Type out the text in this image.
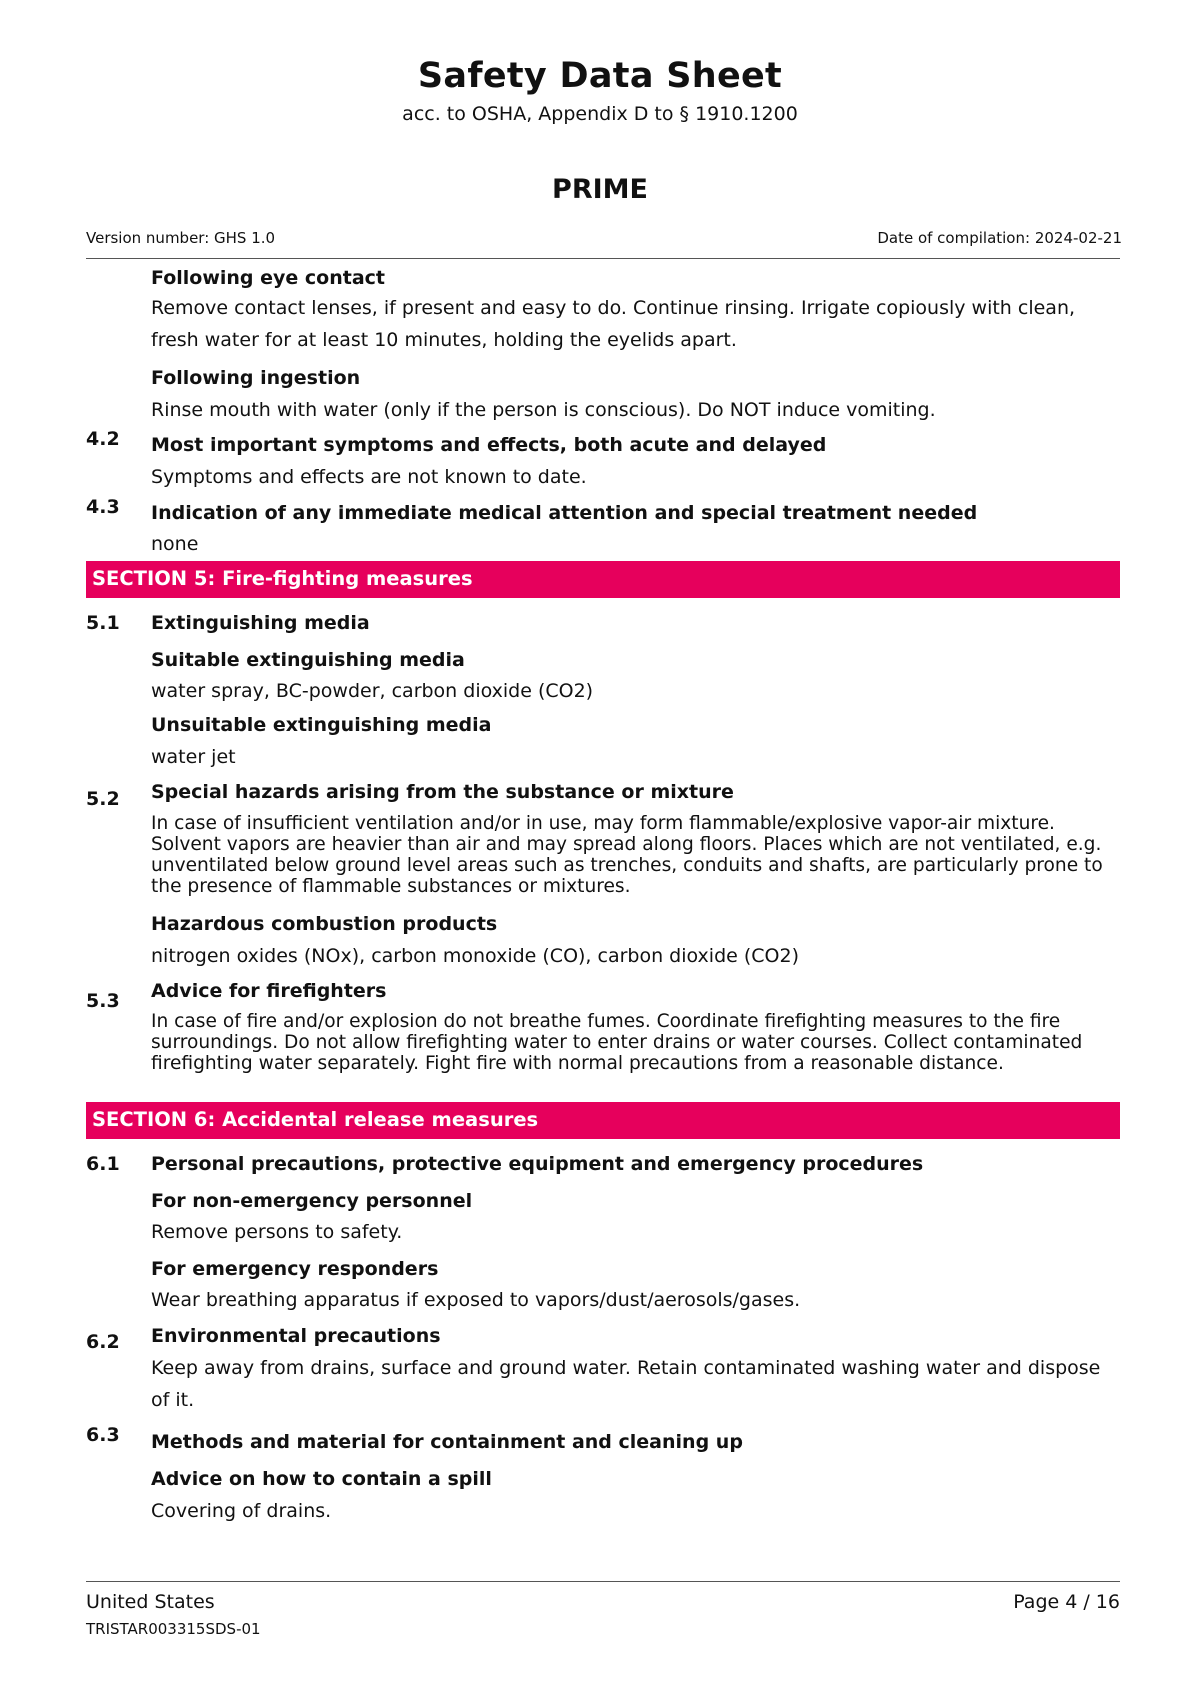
Safety Data Sheet
acc. to OSHA, Appendix D to § 1910.1200
PRIME
Version number: GHS 1.0	Date of compilation: 2024-02-21
Following eye contact
Remove contact lenses, if present and easy to do. Continue rinsing. Irrigate copiously with clean,
fresh water for at least 10 minutes, holding the eyelids apart.
Following ingestion
Rinse mouth with water (only if the person is conscious). Do NOT induce vomiting.
4.2 Most important symptoms and effects, both acute and delayed
Symptoms and effects are not known to date.
4.3 Indication of any immediate medical attention and special treatment needed
none
SECTION 5: Fire-fighting measures
5.1 Extinguishing media
Suitable extinguishing media
water spray, BC-powder, carbon dioxide (CO2)
Unsuitable extinguishing media
water jet
5.2 Special hazards arising from the substance or mixture
In case of insufficient ventilation and/or in use, may form flammable/explosive vapor-air mixture.
Solvent vapors are heavier than air and may spread along floors. Places which are not ventilated, e.g.
unventilated below ground level areas such as trenches, conduits and shafts, are particularly prone to
the presence of flammable substances or mixtures.
Hazardous combustion products
nitrogen oxides (NOx), carbon monoxide (CO), carbon dioxide (CO2)
5.3 Advice for firefighters
In case of fire and/or explosion do not breathe fumes. Coordinate firefighting measures to the fire
surroundings. Do not allow firefighting water to enter drains or water courses. Collect contaminated
firefighting water separately. Fight fire with normal precautions from a reasonable distance.
SECTION 6: Accidental release measures
6.1 Personal precautions, protective equipment and emergency procedures
For non-emergency personnel
Remove persons to safety.
For emergency responders
Wear breathing apparatus if exposed to vapors/dust/aerosols/gases.
6.2 Environmental precautions
Keep away from drains, surface and ground water. Retain contaminated washing water and dispose
of it.
6.3 Methods and material for containment and cleaning up
Advice on how to contain a spill
Covering of drains.
United States	Page 4 / 16
TRISTAR003315SDS-01
